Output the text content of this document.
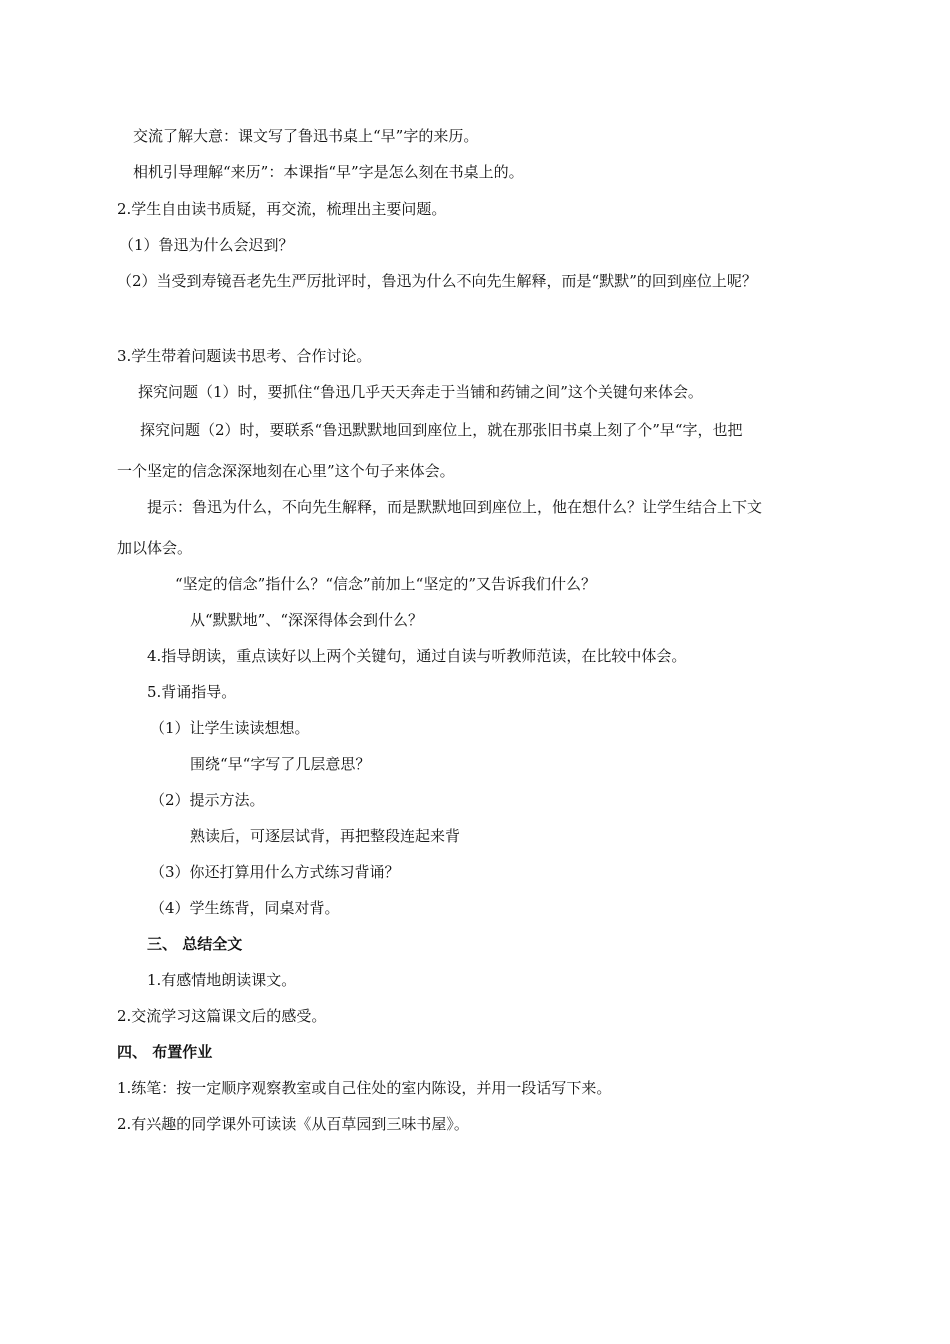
交流了解大意：课文写了鲁迅书桌上“早”字的来历。
相机引导理解“来历”：本课指“早”字是怎么刻在书桌上的。
2.学生自由读书质疑，再交流，梳理出主要问题。
（1）鲁迅为什么会迟到？
（2）当受到寿镜吾老先生严厉批评时，鲁迅为什么不向先生解释，而是“默默”的回到座位上呢？
3.学生带着问题读书思考、合作讨论。
探究问题（1）时，要抓住“鲁迅几乎天天奔走于当铺和药铺之间”这个关键句来体会。
探究问题（2）时，要联系“鲁迅默默地回到座位上，就在那张旧书桌上刻了个”早“字，也把
一个坚定的信念深深地刻在心里”这个句子来体会。
提示：鲁迅为什么，不向先生解释，而是默默地回到座位上，他在想什么？让学生结合上下文
加以体会。
“坚定的信念”指什么？“信念”前加上“坚定的”又告诉我们什么？
从“默默地”、“深深得体会到什么？
4.指导朗读，重点读好以上两个关键句，通过自读与听教师范读，在比较中体会。
5.背诵指导。
（1）让学生读读想想。
围绕“早“字写了几层意思？
（2）提示方法。
熟读后，可逐层试背，再把整段连起来背
（3）你还打算用什么方式练习背诵？
（4）学生练背，同桌对背。
三、 总结全文
1.有感情地朗读课文。
2.交流学习这篇课文后的感受。
四、 布置作业
1.练笔：按一定顺序观察教室或自己住处的室内陈设，并用一段话写下来。
2.有兴趣的同学课外可读读《从百草园到三味书屋》。
